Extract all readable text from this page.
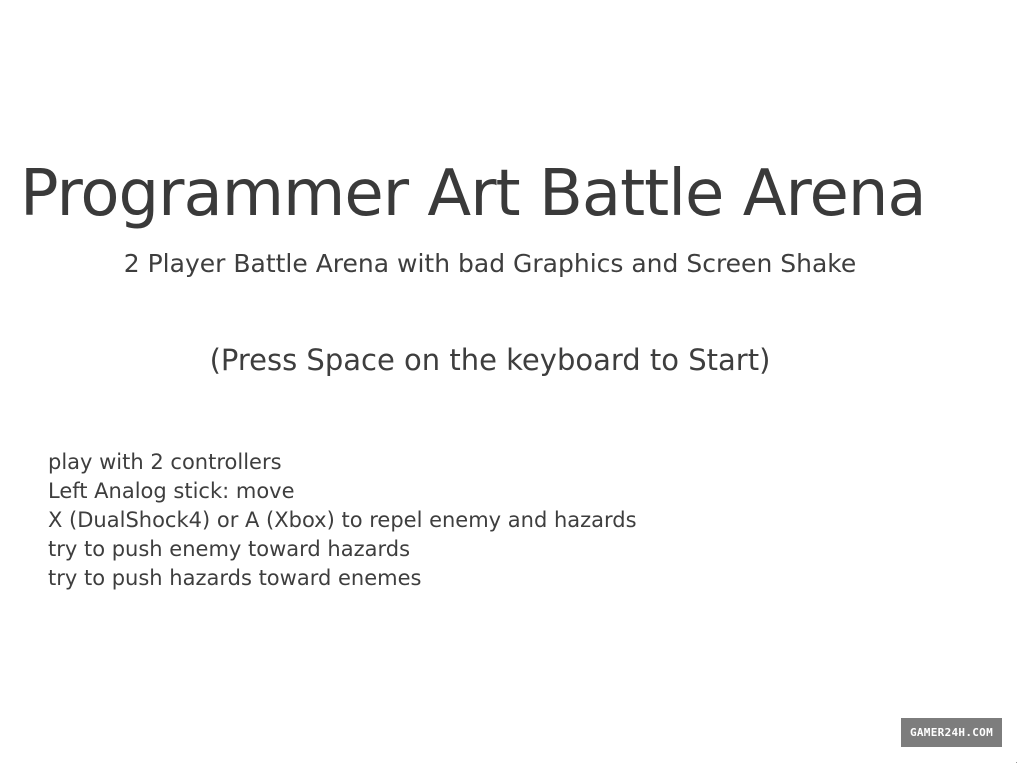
Programmer Art Battle Arena
2 Player Battle Arena with bad Graphics and Screen Shake
(Press Space on the keyboard to Start)
play with 2 controllers
Left Analog stick: move
X (DualShock4) or A (Xbox) to repel enemy and hazards
try to push enemy toward hazards
try to push hazards toward enemes
GAMER24H.COM
